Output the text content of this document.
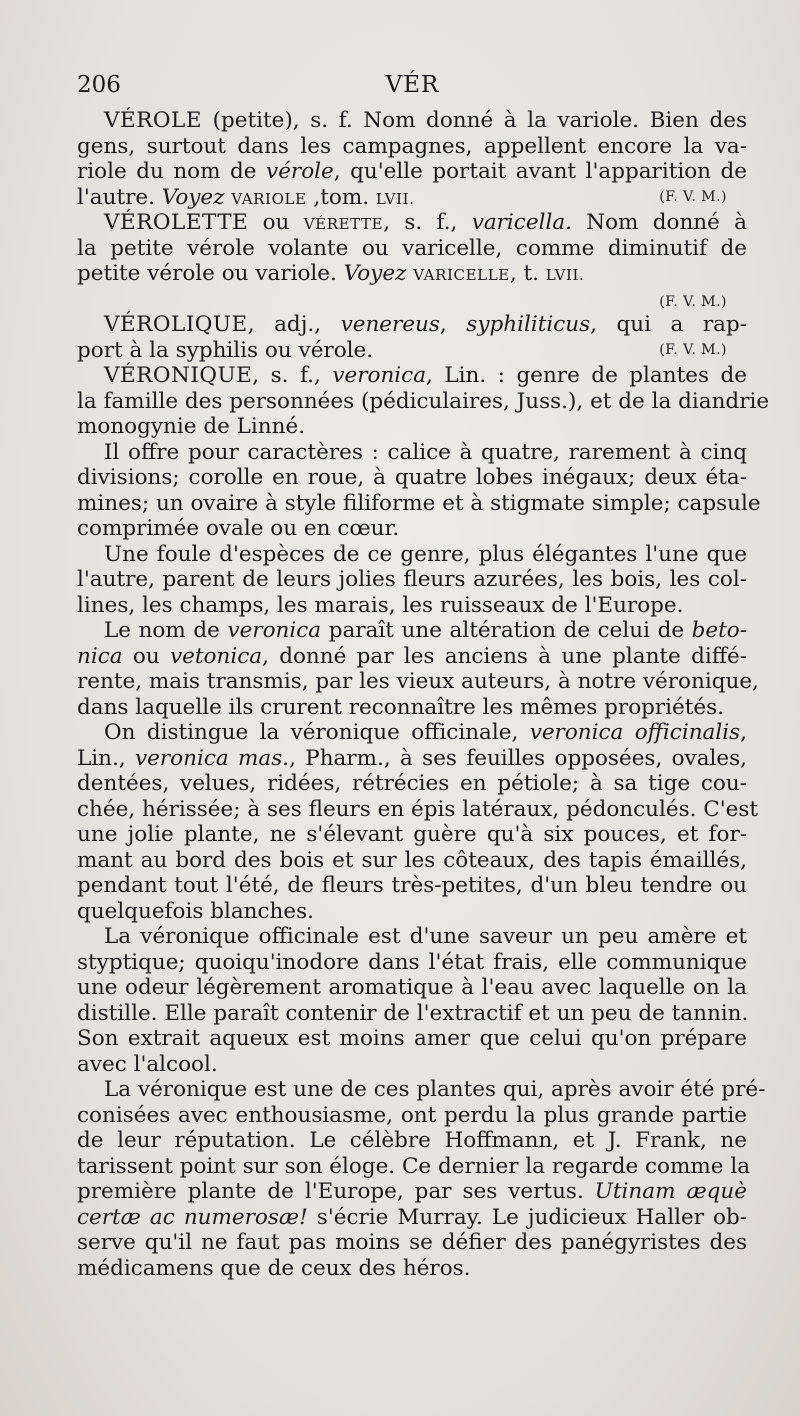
206	VÉR
VÉROLE (petite), s. f. Nom donné à la variole. Bien des
gens, surtout dans les campagnes, appellent encore la va-
riole du nom de vérole, qu'elle portait avant l'apparition de
l'autre. Voyez VARIOLE ,tom. LVII.	(F. V. M.)
VÉROLETTE ou VÉRETTE, s. f., varicella. Nom donné à
la petite vérole volante ou varicelle, comme diminutif de
petite vérole ou variole. Voyez VARICELLE, t. LVII.
(F. V. M.)
VÉROLIQUE, adj., venereus, syphiliticus, qui a rap-
port à la syphilis ou vérole.	(F. V. M.)
VÉRONIQUE, s. f., veronica, Lin. : genre de plantes de
la famille des personnées (pédiculaires, Juss.), et de la diandrie
monogynie de Linné.
Il offre pour caractères : calice à quatre, rarement à cinq
divisions; corolle en roue, à quatre lobes inégaux; deux éta-
mines; un ovaire à style filiforme et à stigmate simple; capsule
comprimée ovale ou en cœur.
Une foule d'espèces de ce genre, plus élégantes l'une que
l'autre, parent de leurs jolies fleurs azurées, les bois, les col-
lines, les champs, les marais, les ruisseaux de l'Europe.
Le nom de veronica paraît une altération de celui de beto-
nica ou vetonica, donné par les anciens à une plante diffé-
rente, mais transmis, par les vieux auteurs, à notre véronique,
dans laquelle ils crurent reconnaître les mêmes propriétés.
On distingue la véronique officinale, veronica officinalis,
Lin., veronica mas., Pharm., à ses feuilles opposées, ovales,
dentées, velues, ridées, rétrécies en pétiole; à sa tige cou-
chée, hérissée; à ses fleurs en épis latéraux, pédonculés. C'est
une jolie plante, ne s'élevant guère qu'à six pouces, et for-
mant au bord des bois et sur les côteaux, des tapis émaillés,
pendant tout l'été, de fleurs très-petites, d'un bleu tendre ou
quelquefois blanches.
La véronique officinale est d'une saveur un peu amère et
styptique; quoiqu'inodore dans l'état frais, elle communique
une odeur légèrement aromatique à l'eau avec laquelle on la
distille. Elle paraît contenir de l'extractif et un peu de tannin.
Son extrait aqueux est moins amer que celui qu'on prépare
avec l'alcool.
La véronique est une de ces plantes qui, après avoir été pré-
conisées avec enthousiasme, ont perdu la plus grande partie
de leur réputation. Le célèbre Hoffmann, et J. Frank, ne
tarissent point sur son éloge. Ce dernier la regarde comme la
première plante de l'Europe, par ses vertus. Utinam æquè
certæ ac numerosæ! s'écrie Murray. Le judicieux Haller ob-
serve qu'il ne faut pas moins se défier des panégyristes des
médicamens que de ceux des héros.
